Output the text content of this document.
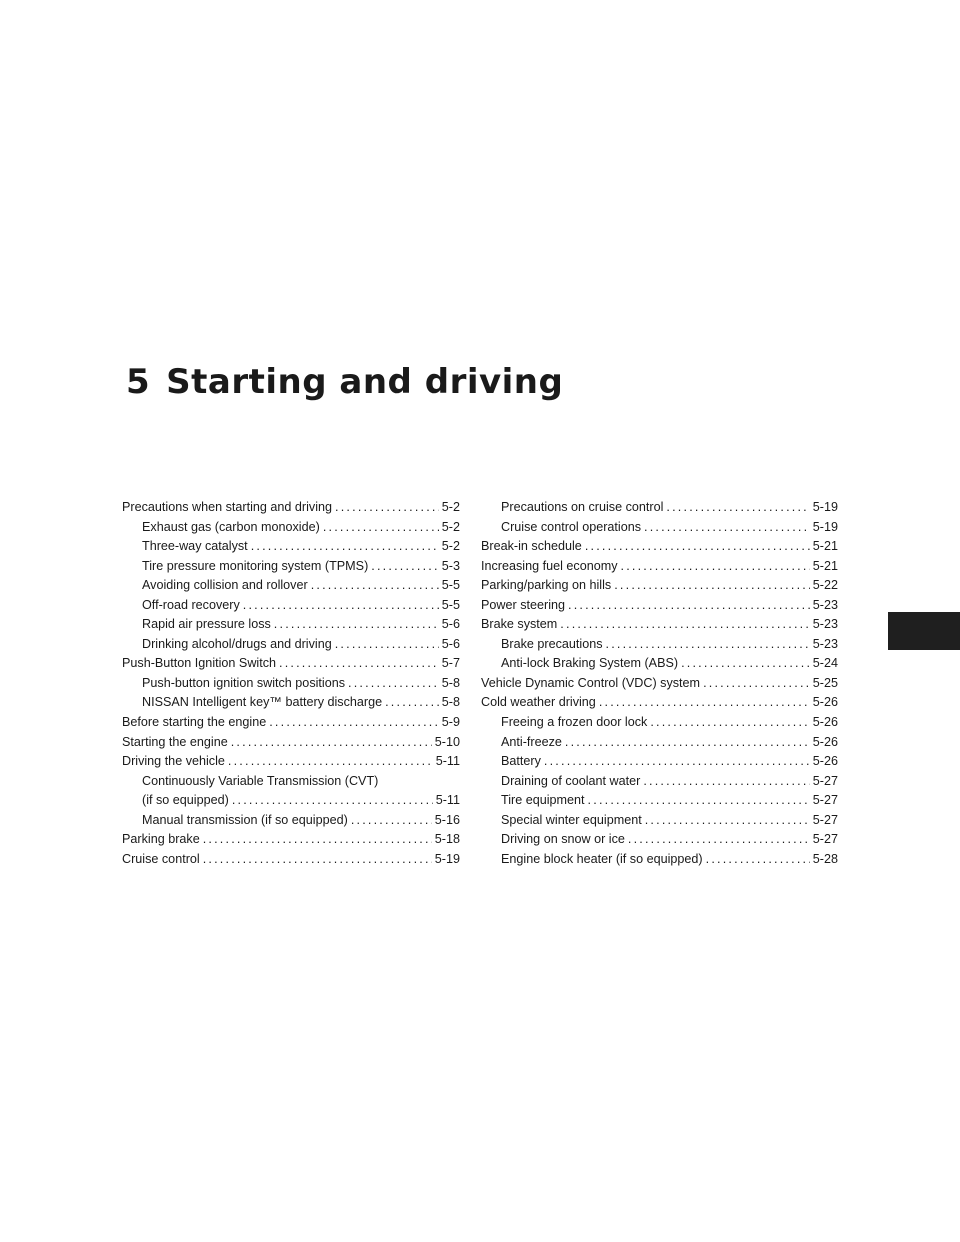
5 Starting and driving
Precautions when starting and driving .....	5-2
Exhaust gas (carbon monoxide) .....	5-2
Three-way catalyst .....	5-2
Tire pressure monitoring system (TPMS) .....	5-3
Avoiding collision and rollover .....	5-5
Off-road recovery .....	5-5
Rapid air pressure loss .....	5-6
Drinking alcohol/drugs and driving .....	5-6
Push-Button Ignition Switch .....	5-7
Push-button ignition switch positions .....	5-8
NISSAN Intelligent key™ battery discharge .....	5-8
Before starting the engine .....	5-9
Starting the engine .....	5-10
Driving the vehicle .....	5-11
Continuously Variable Transmission (CVT)
(if so equipped) .....	5-11
Manual transmission (if so equipped) .....	5-16
Parking brake .....	5-18
Cruise control .....	5-19
Precautions on cruise control .....	5-19
Cruise control operations .....	5-19
Break-in schedule .....	5-21
Increasing fuel economy .....	5-21
Parking/parking on hills .....	5-22
Power steering .....	5-23
Brake system .....	5-23
Brake precautions .....	5-23
Anti-lock Braking System (ABS) .....	5-24
Vehicle Dynamic Control (VDC) system .....	5-25
Cold weather driving .....	5-26
Freeing a frozen door lock .....	5-26
Anti-freeze .....	5-26
Battery .....	5-26
Draining of coolant water .....	5-27
Tire equipment .....	5-27
Special winter equipment .....	5-27
Driving on snow or ice .....	5-27
Engine block heater (if so equipped) .....	5-28
